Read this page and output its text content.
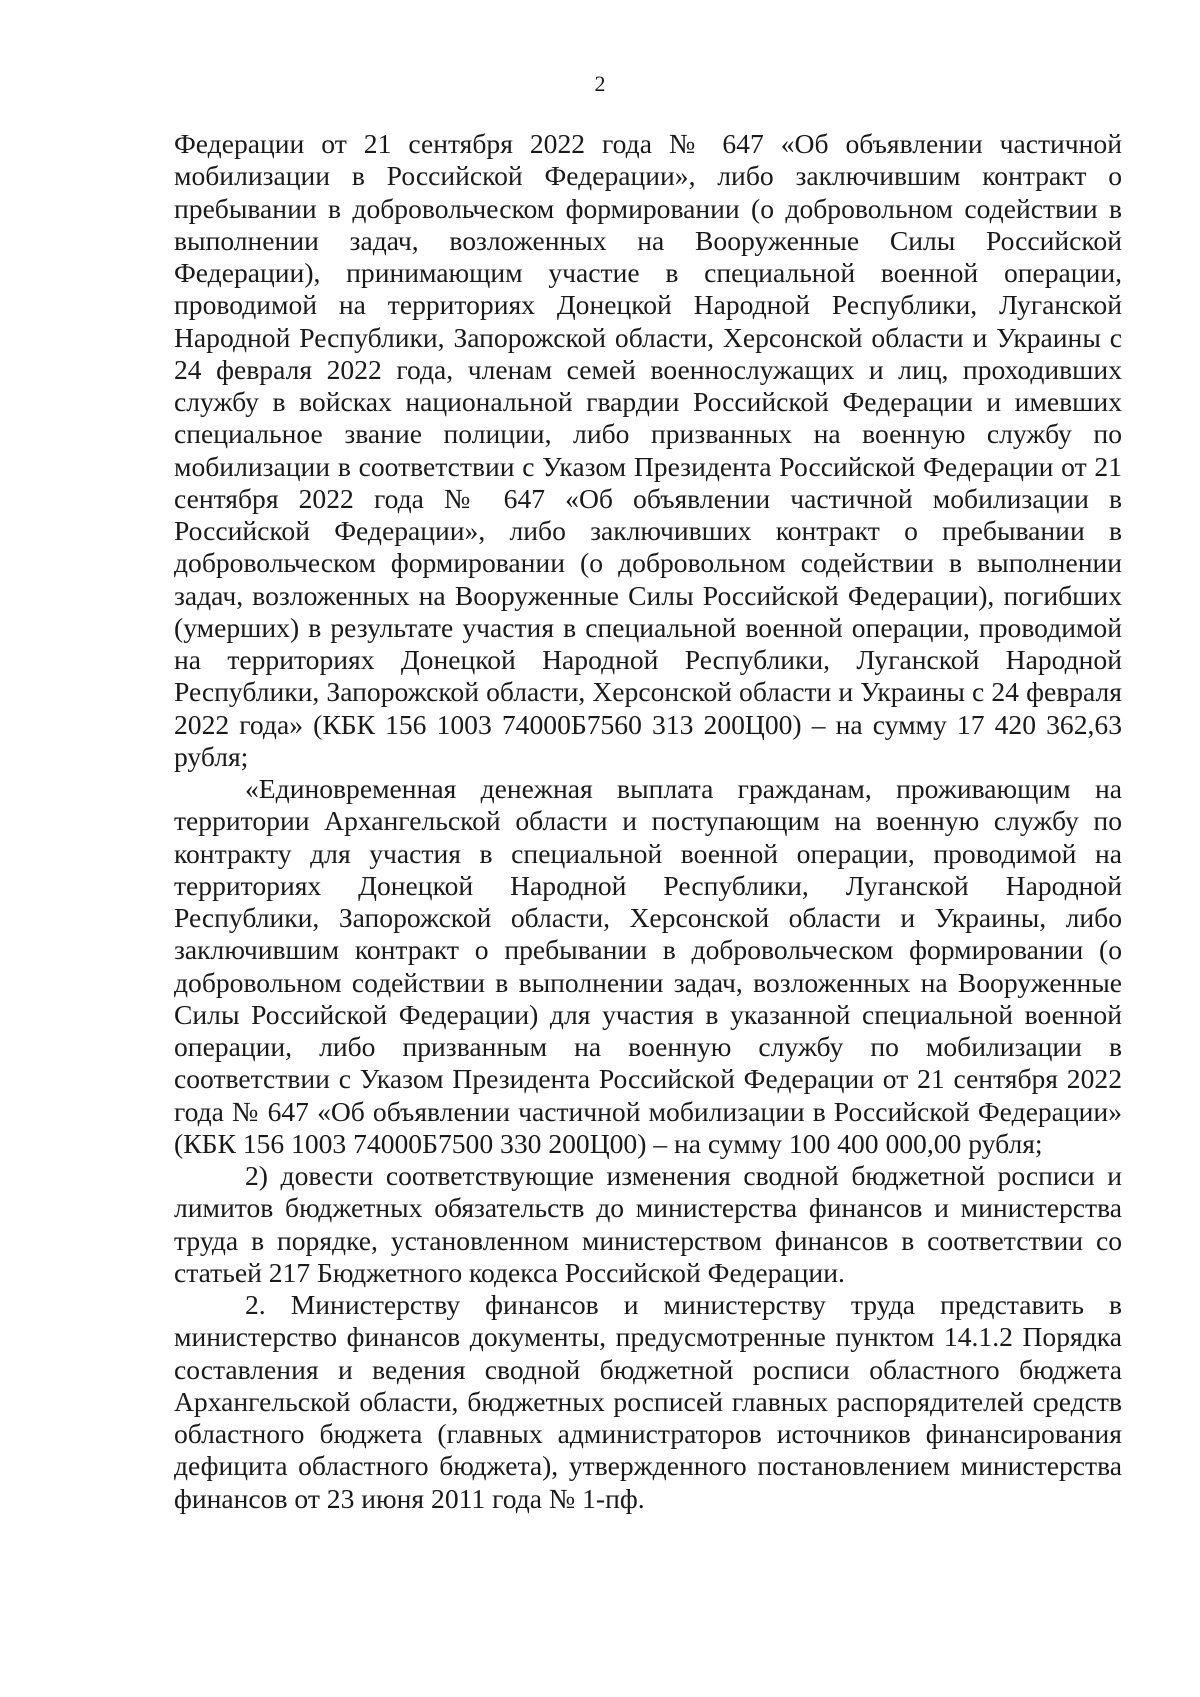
2

Федерации от 21 сентября 2022 года № 647 «Об объявлении частичной мобилизации в Российской Федерации», либо заключившим контракт о пребывании в добровольческом формировании (о добровольном содействии в выполнении задач, возложенных на Вооруженные Силы Российской Федерации), принимающим участие в специальной военной операции, проводимой на территориях Донецкой Народной Республики, Луганской Народной Республики, Запорожской области, Херсонской области и Украины с 24 февраля 2022 года, членам семей военнослужащих и лиц, проходивших службу в войсках национальной гвардии Российской Федерации и имевших специальное звание полиции, либо призванных на военную службу по мобилизации в соответствии с Указом Президента Российской Федерации от 21 сентября 2022 года № 647 «Об объявлении частичной мобилизации в Российской Федерации», либо заключивших контракт о пребывании в добровольческом формировании (о добровольном содействии в выполнении задач, возложенных на Вооруженные Силы Российской Федерации), погибших (умерших) в результате участия в специальной военной операции, проводимой на территориях Донецкой Народной Республики, Луганской Народной Республики, Запорожской области, Херсонской области и Украины с 24 февраля 2022 года» (КБК 156 1003 74000Б7560 313 200Ц00) – на сумму 17 420 362,63 рубля;

«Единовременная денежная выплата гражданам, проживающим на территории Архангельской области и поступающим на военную службу по контракту для участия в специальной военной операции, проводимой на территориях Донецкой Народной Республики, Луганской Народной Республики, Запорожской области, Херсонской области и Украины, либо заключившим контракт о пребывании в добровольческом формировании (о добровольном содействии в выполнении задач, возложенных на Вооруженные Силы Российской Федерации) для участия в указанной специальной военной операции, либо призванным на военную службу по мобилизации в соответствии с Указом Президента Российской Федерации от 21 сентября 2022 года № 647 «Об объявлении частичной мобилизации в Российской Федерации» (КБК 156 1003 74000Б7500 330 200Ц00) – на сумму 100 400 000,00 рубля;

2) довести соответствующие изменения сводной бюджетной росписи и лимитов бюджетных обязательств до министерства финансов и министерства труда в порядке, установленном министерством финансов в соответствии со статьей 217 Бюджетного кодекса Российской Федерации.

2. Министерству финансов и министерству труда представить в министерство финансов документы, предусмотренные пунктом 14.1.2 Порядка составления и ведения сводной бюджетной росписи областного бюджета Архангельской области, бюджетных росписей главных распорядителей средств областного бюджета (главных администраторов источников финансирования дефицита областного бюджета), утвержденного постановлением министерства финансов от 23 июня 2011 года № 1-пф.
